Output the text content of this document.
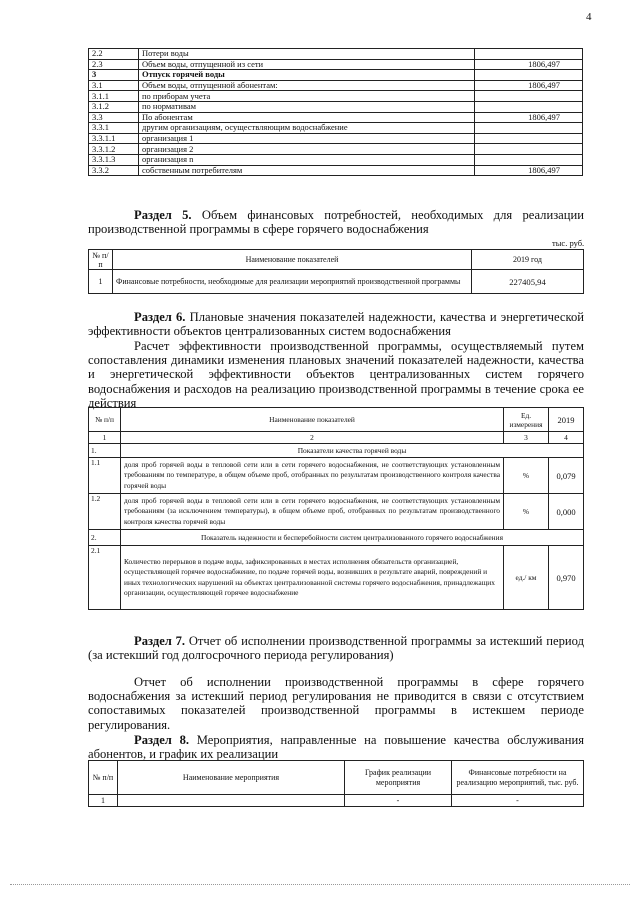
4
2.2	Потери воды	
2.3	Объем воды, отпущенной из сети	1806,497
3	Отпуск горячей воды	
3.1	Объем воды, отпущенной абонентам:	1806,497
3.1.1	по приборам учета	
3.1.2	по нормативам	
3.3	По абонентам	1806,497
3.3.1	другим организациям, осуществляющим водоснабжение	
3.3.1.1	организация 1	
3.3.1.2	организация 2	
3.3.1.3	организация n	
3.3.2	собственным потребителям	1806,497
Раздел 5. Объем финансовых потребностей, необходимых для реализации производственной программы в сфере горячего водоснабжения
тыс. руб.
№ п/п	Наименование показателей	2019 год
1	Финансовые потребности, необходимые для реализации мероприятий производственной программы	227405,94
Раздел 6. Плановые значения показателей надежности, качества и энергетической эффективности объектов централизованных систем водоснабжения
Расчет эффективности производственной программы, осуществляемый путем сопоставления динамики изменения плановых значений показателей надежности, качества и энергетической эффективности объектов централизованных систем горячего водоснабжения и расходов на реализацию производственной программы в течение срока ее действия
№ п/п	Наименование показателей	Ед. измерения	2019
1	2	3	4
1.	Показатели качества горячей воды		
1.1	доля проб горячей воды в тепловой сети или в сети горячего водоснабжения, не соответствующих установленным требованиям по температуре, в общем объеме проб, отобранных по результатам производственного контроля качества горячей воды	%	0,079
1.2	доля проб горячей воды в тепловой сети или в сети горячего водоснабжения, не соответствующих установленным требованиям (за исключением температуры), в общем объеме проб, отобранных по результатам производственного контроля качества горячей воды	%	0,000
2.	Показатель надежности и бесперебойности систем централизованного горячего водоснабжения		
2.1	Количество перерывов в подаче воды, зафиксированных в местах исполнения обязательств организацией, осуществляющей горячее водоснабжение, по подаче горячей воды, возникших в результате аварий, повреждений и иных технологических нарушений на объектах централизованной системы горячего водоснабжения, принадлежащих организации, осуществляющей горячее водоснабжение	ед./ км	0,970
Раздел 7. Отчет об исполнении производственной программы за истекший период (за истекший год долгосрочного периода регулирования)
Отчет об исполнении производственной программы в сфере горячего водоснабжения за истекший период регулирования не приводится в связи с отсутствием сопоставимых показателей производственной программы в истекшем периоде регулирования.
Раздел 8. Мероприятия, направленные на повышение качества обслуживания абонентов, и график их реализации
№ п/п	Наименование мероприятия	График реализации мероприятия	Финансовые потребности на реализацию мероприятий, тыс. руб.
1		-	-
